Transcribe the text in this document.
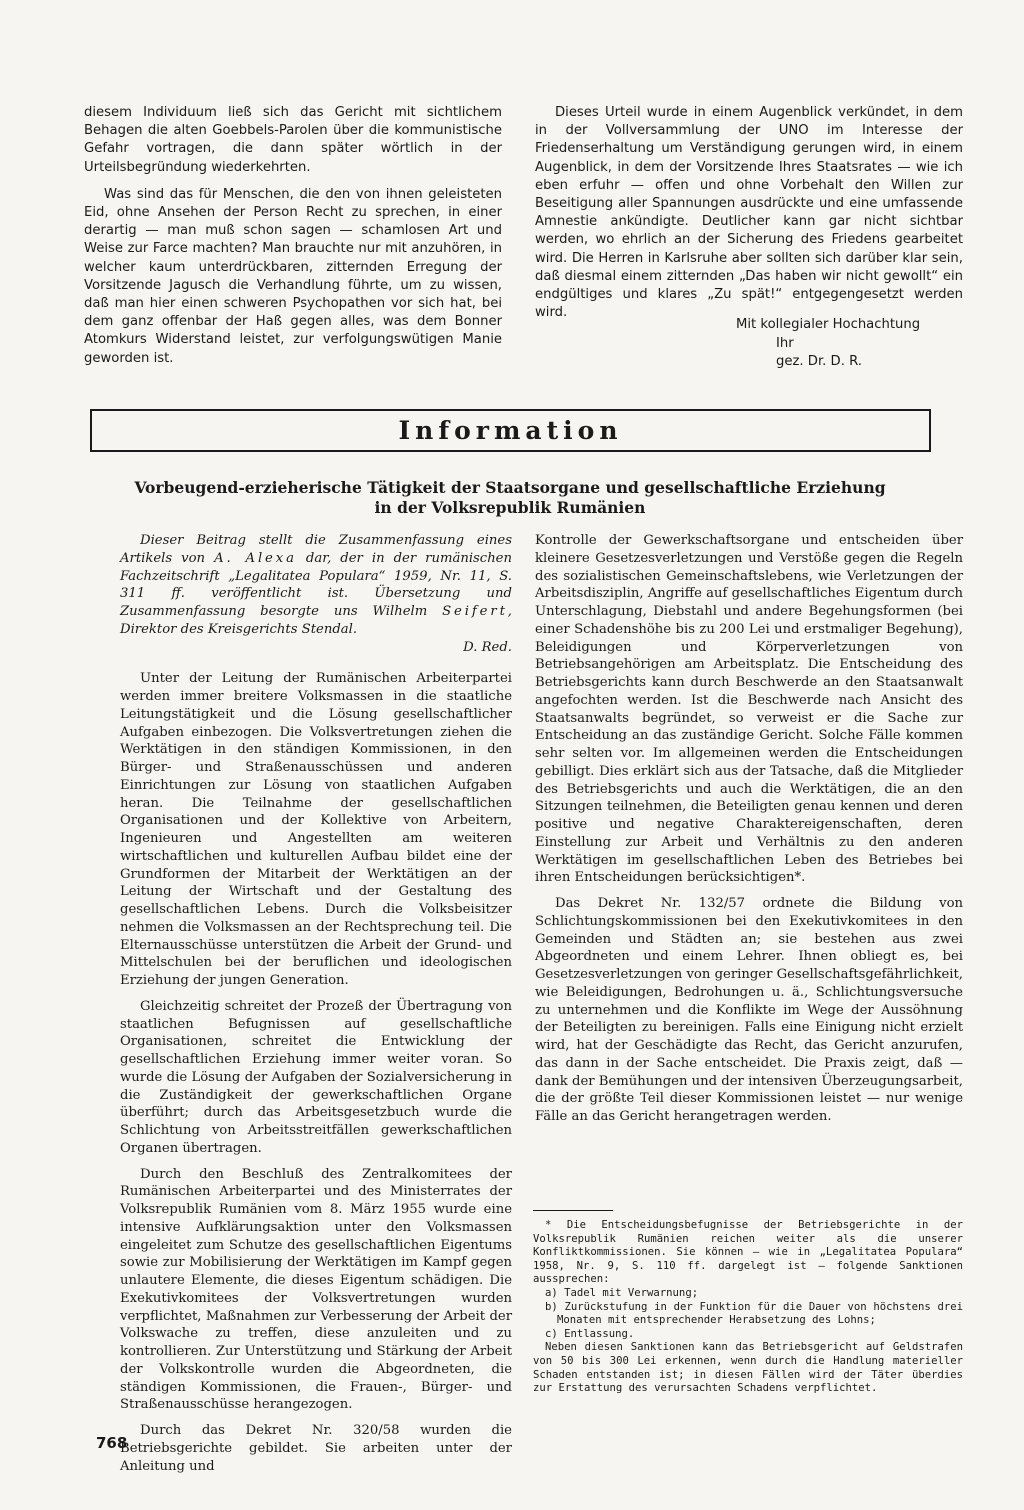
diesem Individuum ließ sich das Gericht mit sichtlichem Behagen die alten Goebbels-Parolen über die kommunistische Gefahr vortragen, die dann später wörtlich in der Urteilsbegründung wiederkehrten.

Was sind das für Menschen, die den von ihnen geleisteten Eid, ohne Ansehen der Person Recht zu sprechen, in einer derartig — man muß schon sagen — schamlosen Art und Weise zur Farce machten? Man brauchte nur mit anzuhören, in welcher kaum unterdrückbaren, zitternden Erregung der Vorsitzende Jagusch die Verhandlung führte, um zu wissen, daß man hier einen schweren Psychopathen vor sich hat, bei dem ganz offenbar der Haß gegen alles, was dem Bonner Atomkurs Widerstand leistet, zur verfolgungswütigen Manie geworden ist.

Dieses Urteil wurde in einem Augenblick verkündet, in dem in der Vollversammlung der UNO im Interesse der Friedenserhaltung um Verständigung gerungen wird, in einem Augenblick, in dem der Vorsitzende Ihres Staatsrates — wie ich eben erfuhr — offen und ohne Vorbehalt den Willen zur Beseitigung aller Spannungen ausdrückte und eine umfassende Amnestie ankündigte. Deutlicher kann gar nicht sichtbar werden, wo ehrlich an der Sicherung des Friedens gearbeitet wird. Die Herren in Karlsruhe aber sollten sich darüber klar sein, daß diesmal einem zitternden „Das haben wir nicht gewollt“ ein endgültiges und klares „Zu spät!“ entgegengesetzt werden wird.

Mit kollegialer Hochachtung
Ihr
gez. Dr. D. R.
Information
Vorbeugend-erzieherische Tätigkeit der Staatsorgane und gesellschaftliche Erziehung
in der Volksrepublik Rumänien

Dieser Beitrag stellt die Zusammenfassung eines Artikels von A. Alexa dar, der in der rumänischen Fachzeitschrift „Legalitatea Populara“ 1959, Nr. 11, S. 311 ff. veröffentlicht ist. Übersetzung und Zusammenfassung besorgte uns Wilhelm Seifert, Direktor des Kreisgerichts Stendal.

D. Red.

Unter der Leitung der Rumänischen Arbeiterpartei werden immer breitere Volksmassen in die staatliche Leitungstätigkeit und die Lösung gesellschaftlicher Aufgaben einbezogen. Die Volksvertretungen ziehen die Werktätigen in den ständigen Kommissionen, in den Bürger- und Straßenausschüssen und anderen Einrichtungen zur Lösung von staatlichen Aufgaben heran. Die Teilnahme der gesellschaftlichen Organisationen und der Kollektive von Arbeitern, Ingenieuren und Angestellten am weiteren wirtschaftlichen und kulturellen Aufbau bildet eine der Grundformen der Mitarbeit der Werktätigen an der Leitung der Wirtschaft und der Gestaltung des gesellschaftlichen Lebens. Durch die Volksbeisitzer nehmen die Volksmassen an der Rechtsprechung teil. Die Elternausschüsse unterstützen die Arbeit der Grund- und Mittelschulen bei der beruflichen und ideologischen Erziehung der jungen Generation.

Gleichzeitig schreitet der Prozeß der Übertragung von staatlichen Befugnissen auf gesellschaftliche Organisationen, schreitet die Entwicklung der gesellschaftlichen Erziehung immer weiter voran. So wurde die Lösung der Aufgaben der Sozialversicherung in die Zuständigkeit der gewerkschaftlichen Organe überführt; durch das Arbeitsgesetzbuch wurde die Schlichtung von Arbeitsstreitfällen gewerkschaftlichen Organen übertragen.

Durch den Beschluß des Zentralkomitees der Rumänischen Arbeiterpartei und des Ministerrates der Volksrepublik Rumänien vom 8. März 1955 wurde eine intensive Aufklärungsaktion unter den Volksmassen eingeleitet zum Schutze des gesellschaftlichen Eigentums sowie zur Mobilisierung der Werktätigen im Kampf gegen unlautere Elemente, die dieses Eigentum schädigen. Die Exekutivkomitees der Volksvertretungen wurden verpflichtet, Maßnahmen zur Verbesserung der Arbeit der Volkswache zu treffen, diese anzuleiten und zu kontrollieren. Zur Unterstützung und Stärkung der Arbeit der Volkskontrolle wurden die Abgeordneten, die ständigen Kommissionen, die Frauen-, Bürger- und Straßenausschüsse herangezogen.

Durch das Dekret Nr. 320/58 wurden die Betriebsgerichte gebildet. Sie arbeiten unter der Anleitung und

Kontrolle der Gewerkschaftsorgane und entscheiden über kleinere Gesetzesverletzungen und Verstöße gegen die Regeln des sozialistischen Gemeinschaftslebens, wie Verletzungen der Arbeitsdisziplin, Angriffe auf gesellschaftliches Eigentum durch Unterschlagung, Diebstahl und andere Begehungsformen (bei einer Schadenshöhe bis zu 200 Lei und erstmaliger Begehung), Beleidigungen und Körperverletzungen von Betriebsangehörigen am Arbeitsplatz. Die Entscheidung des Betriebsgerichts kann durch Beschwerde an den Staatsanwalt angefochten werden. Ist die Beschwerde nach Ansicht des Staatsanwalts begründet, so verweist er die Sache zur Entscheidung an das zuständige Gericht. Solche Fälle kommen sehr selten vor. Im allgemeinen werden die Entscheidungen gebilligt. Dies erklärt sich aus der Tatsache, daß die Mitglieder des Betriebsgerichts und auch die Werktätigen, die an den Sitzungen teilnehmen, die Beteiligten genau kennen und deren positive und negative Charaktereigenschaften, deren Einstellung zur Arbeit und Verhältnis zu den anderen Werktätigen im gesellschaftlichen Leben des Betriebes bei ihren Entscheidungen berücksichtigen*.

Das Dekret Nr. 132/57 ordnete die Bildung von Schlichtungskommissionen bei den Exekutivkomitees in den Gemeinden und Städten an; sie bestehen aus zwei Abgeordneten und einem Lehrer. Ihnen obliegt es, bei Gesetzesverletzungen von geringer Gesellschaftsgefährlichkeit, wie Beleidigungen, Bedrohungen u. ä., Schlichtungsversuche zu unternehmen und die Konflikte im Wege der Aussöhnung der Beteiligten zu bereinigen. Falls eine Einigung nicht erzielt wird, hat der Geschädigte das Recht, das Gericht anzurufen, das dann in der Sache entscheidet. Die Praxis zeigt, daß — dank der Bemühungen und der intensiven Überzeugungsarbeit, die der größte Teil dieser Kommissionen leistet — nur wenige Fälle an das Gericht herangetragen werden.

* Die Entscheidungsbefugnisse der Betriebsgerichte in der Volksrepublik Rumänien reichen weiter als die unserer Konfliktkommissionen. Sie können — wie in „Legalitatea Populara“ 1958, Nr. 9, S. 110 ff. dargelegt ist — folgende Sanktionen aussprechen:

a) Tadel mit Verwarnung;

b) Zurückstufung in der Funktion für die Dauer von höchstens drei Monaten mit entsprechender Herabsetzung des Lohns;

c) Entlassung.

Neben diesen Sanktionen kann das Betriebsgericht auf Geldstrafen von 50 bis 300 Lei erkennen, wenn durch die Handlung materieller Schaden entstanden ist; in diesen Fällen wird der Täter überdies zur Erstattung des verursachten Schadens verpflichtet.

768
